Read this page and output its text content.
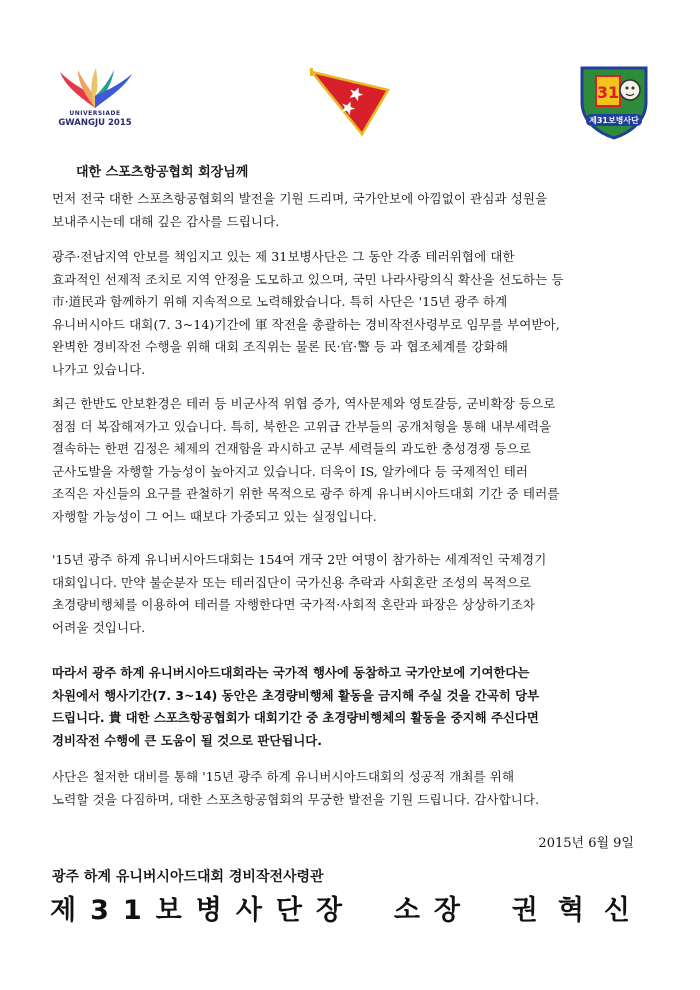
UNIVERSIADE
GWANGJU 2015
31
제31보병사단
대한 스포츠항공협회 회장님께
먼저 전국 대한 스포츠항공협회의 발전을 기원 드리며, 국가안보에 아낌없이 관심과 성원을
보내주시는데 대해 깊은 감사를 드립니다.
광주·전남지역 안보를 책임지고 있는 제 31보병사단은 그 동안 각종 테러위협에 대한
효과적인 선제적 조치로 지역 안정을 도모하고 있으며, 국민 나라사랑의식 확산을 선도하는 등
市·道民과 함께하기 위해 지속적으로 노력해왔습니다. 특히 사단은 '15년 광주 하계
유니버시아드 대회(7. 3~14)기간에 軍 작전을 총괄하는 경비작전사령부로 임무를 부여받아,
완벽한 경비작전 수행을 위해 대회 조직위는 물론 民·官·警 등 과 협조체계를 강화해
나가고 있습니다.
최근 한반도 안보환경은 테러 등 비군사적 위협 증가, 역사문제와 영토갈등, 군비확장 등으로
점점 더 복잡해져가고 있습니다. 특히, 북한은 고위급 간부들의 공개처형을 통해 내부세력을
결속하는 한편 김정은 체제의 건재함을 과시하고 군부 세력들의 과도한 충성경쟁 등으로
군사도발을 자행할 가능성이 높아지고 있습니다. 더욱이 IS, 알카에다 등 국제적인 테러
조직은 자신들의 요구를 관철하기 위한 목적으로 광주 하계 유니버시아드대회 기간 중 테러를
자행할 가능성이 그 어느 때보다 가중되고 있는 실정입니다.
'15년 광주 하계 유니버시아드대회는 154여 개국 2만 여명이 참가하는 세계적인 국제경기
대회입니다. 만약 불순분자 또는 테러집단이 국가신용 추락과 사회혼란 조성의 목적으로
초경량비행체를 이용하여 테러를 자행한다면 국가적·사회적 혼란과 파장은 상상하기조차
어려울 것입니다.
따라서 광주 하계 유니버시아드대회라는 국가적 행사에 동참하고 국가안보에 기여한다는
차원에서 행사기간(7. 3~14) 동안은 초경량비행체 활동을 금지해 주실 것을 간곡히 당부
드립니다. 貴 대한 스포츠항공협회가 대회기간 중 초경량비행체의 활동을 중지해 주신다면
경비작전 수행에 큰 도움이 될 것으로 판단됩니다.
사단은 철저한 대비를 통해 '15년 광주 하계 유니버시아드대회의 성공적 개최를 위해
노력할 것을 다짐하며, 대한 스포츠항공협회의 무궁한 발전을 기원 드립니다. 감사합니다.
2015년 6월 9일
광주 하계 유니버시아드대회 경비작전사령관
제31보병사단장 소장 권혁신
